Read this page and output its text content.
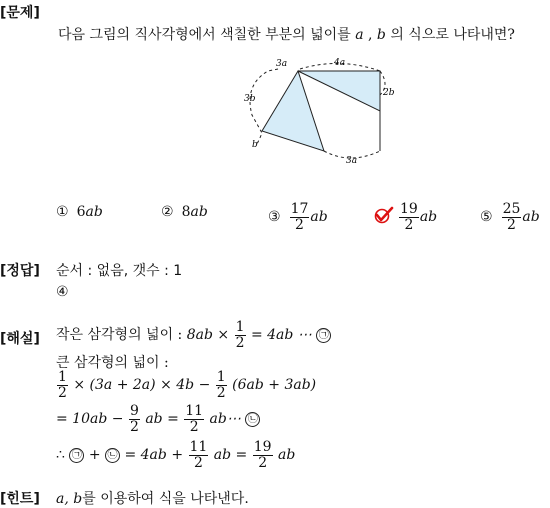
[문제]
다음 그림의 직사각형에서 색칠한 부분의 넓이를 a , b 의 식으로 나타내면?
3a	4a
2b
3b
b
3a
① 6ab	② 8ab	③ $\frac{17}{2}$ ab	$\frac{19}{2}$ ab	⑤ $\frac{25}{2}$ ab
[정답] 순서 : 없음, 갯수 : 1
④
[해설] 작은 삼각형의 넓이 : $8ab \times \frac{1}{2} = 4ab$ ⋯ ㉠
큰 삼각형의 넓이 :
$\frac{1}{2} \times (3a + 2a) \times 4b - \frac{1}{2} (6ab + 3ab)$
= $10ab - \frac{9}{2}$ ab = $\frac{11}{2}$ ab⋯ ㉡
∴ ㉠ + ㉡ = $4ab + \frac{11}{2}$ ab = $\frac{19}{2}$ ab
[힌트] a, b를 이용하여 식을 나타낸다.
